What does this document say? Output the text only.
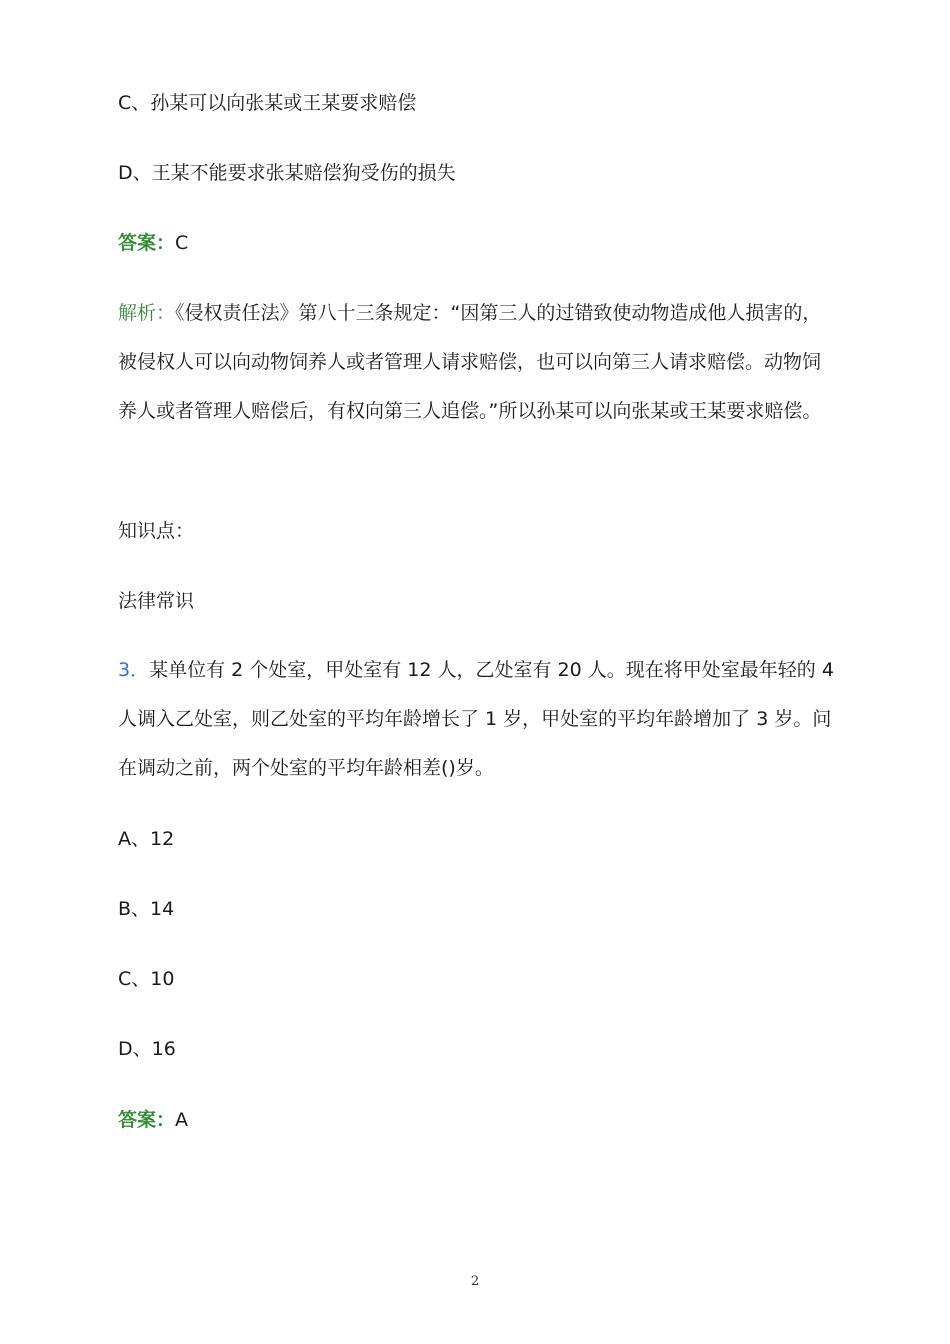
C、孙某可以向张某或王某要求赔偿
D、王某不能要求张某赔偿狗受伤的损失
答案：C
解析：《侵权责任法》第八十三条规定：“因第三人的过错致使动物造成他人损害的，被侵权人可以向动物饲养人或者管理人请求赔偿，也可以向第三人请求赔偿。动物饲养人或者管理人赔偿后，有权向第三人追偿。”所以孙某可以向张某或王某要求赔偿。
知识点：
法律常识
3．某单位有 2 个处室，甲处室有 12 人，乙处室有 20 人。现在将甲处室最年轻的 4 人调入乙处室，则乙处室的平均年龄增长了 1 岁，甲处室的平均年龄增加了 3 岁。问在调动之前，两个处室的平均年龄相差()岁。
A、12
B、14
C、10
D、16
答案：A
2
